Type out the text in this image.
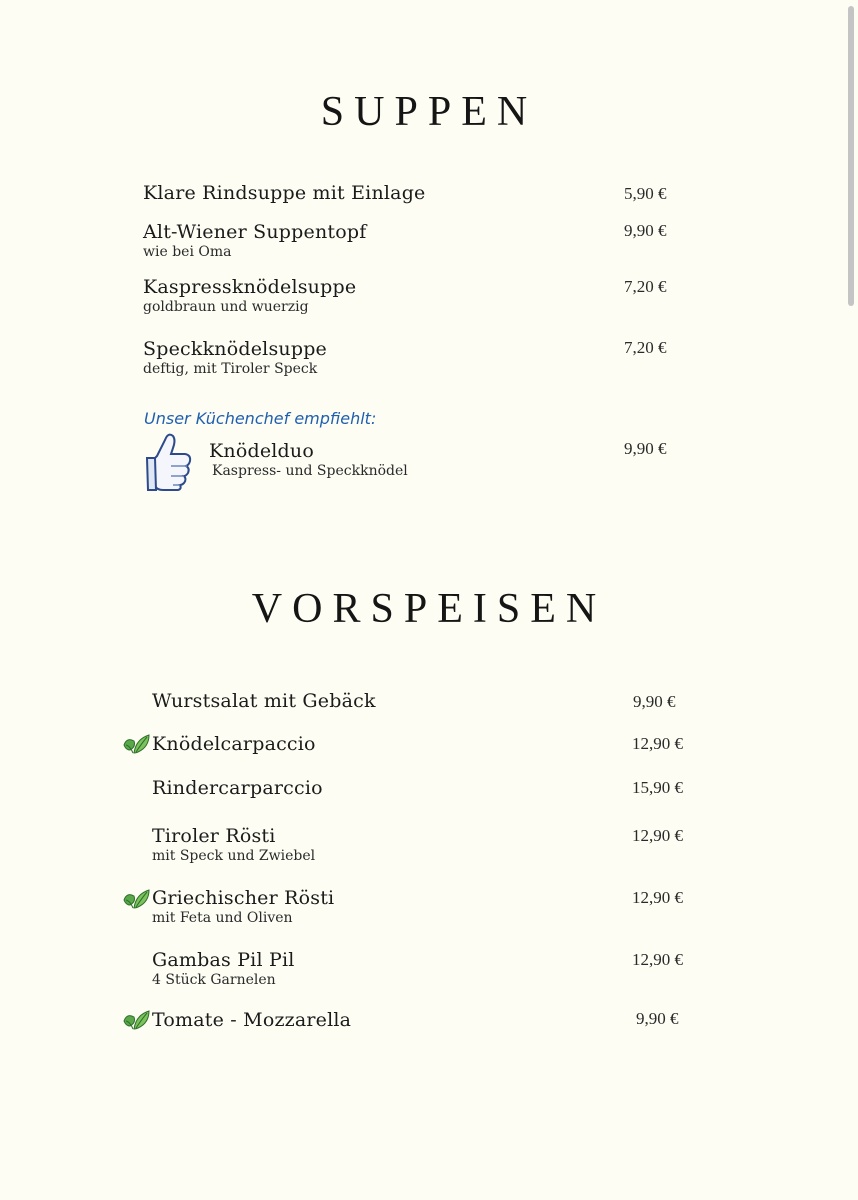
SUPPEN
Klare Rindsuppe mit Einlage	5,90 €
Alt-Wiener Suppentopf
wie bei Oma
9,90 €
Kaspressknödelsuppe
goldbraun und wuerzig
7,20 €
Speckknödelsuppe
deftig, mit Tiroler Speck
7,20 €
Unser Küchenchef empfiehlt:
Knödelduo
Kaspress- und Speckknödel
9,90 €
VORSPEISEN
Wurstsalat mit Gebäck	9,90 €
Knödelcarpaccio	12,90 €
Rindercarparccio	15,90 €
Tiroler Rösti
mit Speck und Zwiebel
12,90 €
Griechischer Rösti
mit Feta und Oliven
12,90 €
Gambas Pil Pil
4 Stück Garnelen
12,90 €
Tomate - Mozzarella	9,90 €
